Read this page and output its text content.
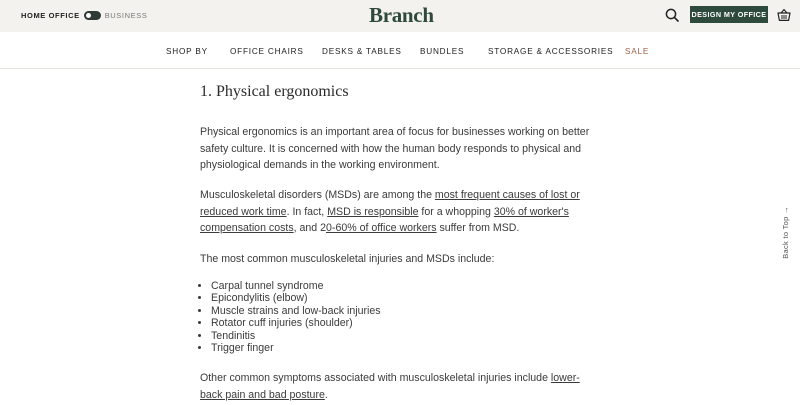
HOME OFFICE	BUSINESS	Branch	DESIGN MY OFFICE
SHOP BY	OFFICE CHAIRS DESKS & TABLES BUNDLES	STORAGE & ACCESSORIES SALE
1. Physical ergonomics

Physical ergonomics is an important area of focus for businesses working on better safety culture. It is concerned with how the human body responds to physical and physiological demands in the working environment.

Musculoskeletal disorders (MSDs) are among the most frequent causes of lost or reduced work time. In fact, MSD is responsible for a whopping 30% of worker's compensation costs, and 20-60% of office workers suffer from MSD.

The most common musculoskeletal injuries and MSDs include:

• Carpal tunnel syndrome
• Epicondylitis (elbow)
• Muscle strains and low-back injuries
• Rotator cuff injuries (shoulder)
• Tendinitis
• Trigger finger

Other common symptoms associated with musculoskeletal injuries include lower-back pain and bad posture.

Back to Top →
